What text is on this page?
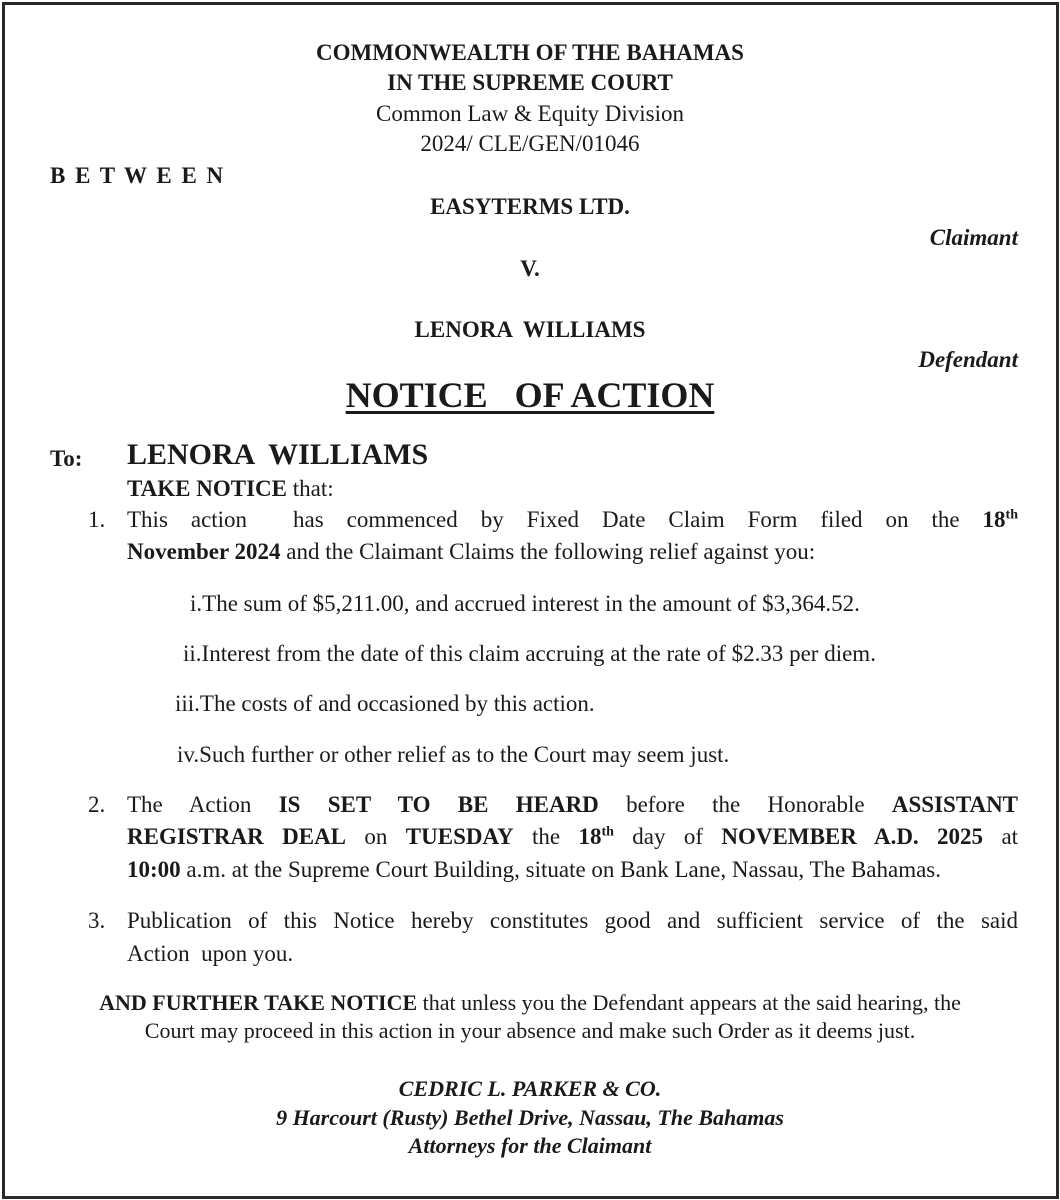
COMMONWEALTH OF THE BAHAMAS
IN THE SUPREME COURT
Common Law & Equity Division
2024/ CLE/GEN/01046
B E T W E E N
EASYTERMS LTD.
Claimant
V.
LENORA  WILLIAMS
Defendant
NOTICE   OF ACTION
To: LENORA  WILLIAMS
TAKE NOTICE that:
1. This action  has commenced by Fixed Date Claim Form filed on the 18th
November 2024 and the Claimant Claims the following relief against you:
i.The sum of $5,211.00, and accrued interest in the amount of $3,364.52.
ii.Interest from the date of this claim accruing at the rate of $2.33 per diem.
iii.The costs of and occasioned by this action.
iv.Such further or other relief as to the Court may seem just.
2. The Action IS SET TO BE HEARD before the Honorable ASSISTANT
REGISTRAR DEAL on TUESDAY the 18th day of NOVEMBER A.D. 2025 at
10:00 a.m. at the Supreme Court Building, situate on Bank Lane, Nassau, The Bahamas.
3. Publication of this Notice hereby constitutes good and sufficient service of the said
Action  upon you.
AND FURTHER TAKE NOTICE that unless you the Defendant appears at the said hearing, the
Court may proceed in this action in your absence and make such Order as it deems just.
CEDRIC L. PARKER & CO.
9 Harcourt (Rusty) Bethel Drive, Nassau, The Bahamas
Attorneys for the Claimant
